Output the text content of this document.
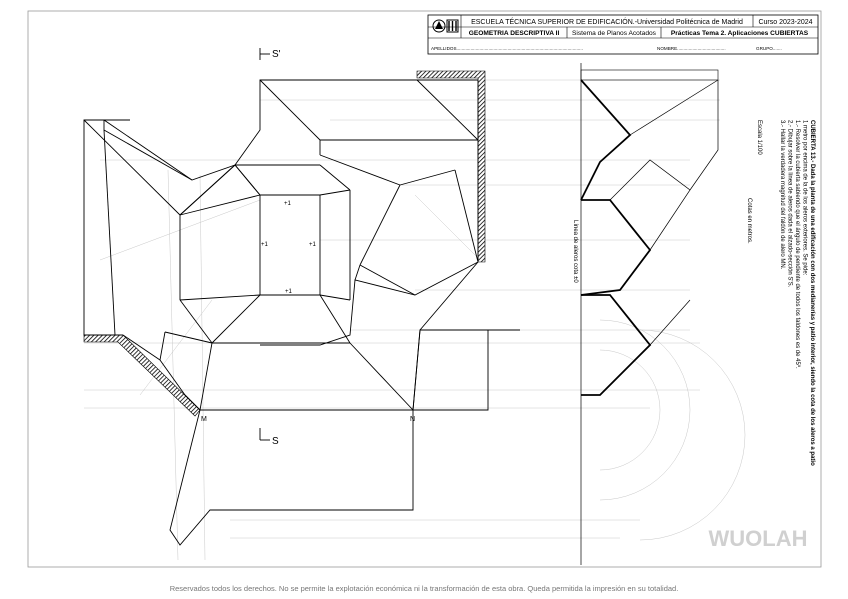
ESCUELA TÉCNICA SUPERIOR DE EDIFICACIÓN.-Universidad Politécnica de Madrid Curso 2023-2024
GEOMETRIA DESCRIPTIVA II Sistema de Planos Acotados Prácticas Tema 2. Aplicaciones CUBIERTAS
APELLIDOS...................................................................................................	NOMBRE......................................	GRUPO.......
S'
S
M	N
+1
+1	+1
+1
Línea de aleros cota ±0	CUBIERTA 13.- Dada la planta de una edificación con dos medianerías y patio interior, siendo la cota de los aleros a patio
1 metro por encima de la de los aleros exteriores. Se pide:
1.- Resolver la cubierta sabiendo que el ángulo de pendiente de todos los faldones es de 45º.
2.- Dibujar sobre la línea de aleros dada el alzado-sección S'S.
3.- Hallar la verdadera magnitud del faldón de alero MN.
Escala 1/100
Cotas en metros.
WUOLAH
Reservados todos los derechos. No se permite la explotación económica ni la transformación de esta obra. Queda permitida la impresión en su totalidad.
